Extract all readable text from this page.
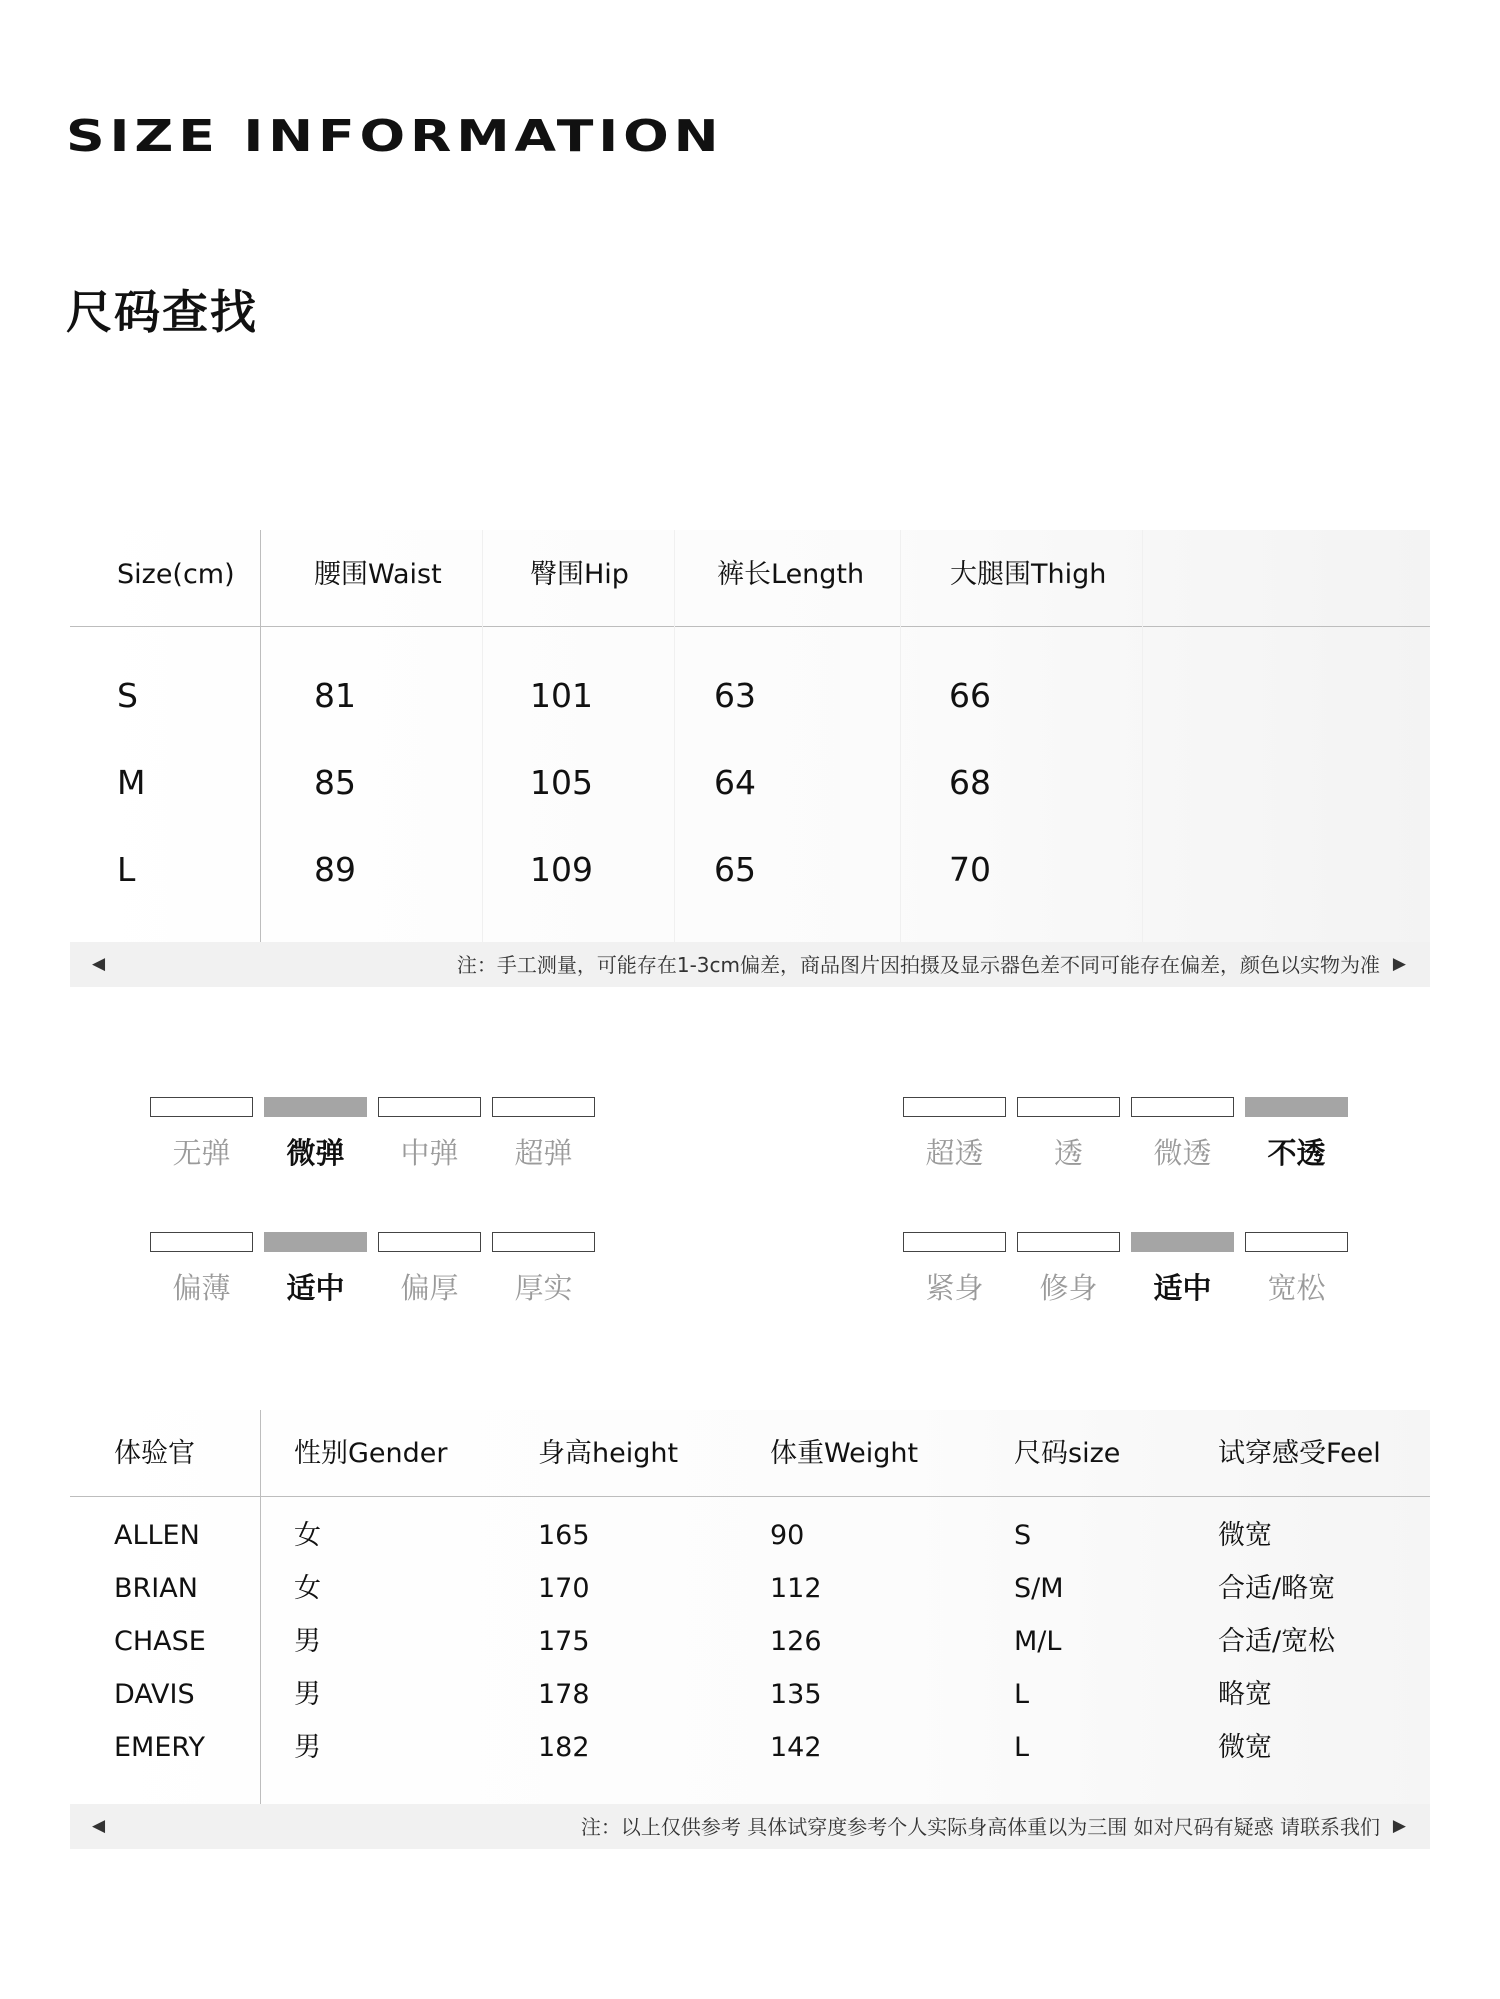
SIZE INFORMATION
尺码查找
Size(cm)	腰围Waist	臀围Hip	裤长Length	大腿围Thigh
S	81	101	63	66
M	85	105	64	68
L	89	109	65	70
◀	注：手工测量，可能存在1-3cm偏差，商品图片因拍摄及显示器色差不同可能存在偏差，颜色以实物为准 ▶
无弹	微弹	中弹	超弹	超透	透	微透	不透
偏薄	适中	偏厚	厚实	紧身	修身	适中	宽松
体验官	性别Gender	身高height	体重Weight	尺码size	试穿感受Feel
ALLEN	女	165	90	S	微宽
BRIAN	女	170	112	S/M	合适/略宽
CHASE	男	175	126	M/L	合适/宽松
DAVIS	男	178	135	L	略宽
EMERY	男	182	142	L	微宽
◀	注：以上仅供参考 具体试穿度参考个人实际身高体重以为三围 如对尺码有疑惑 请联系我们 ▶
